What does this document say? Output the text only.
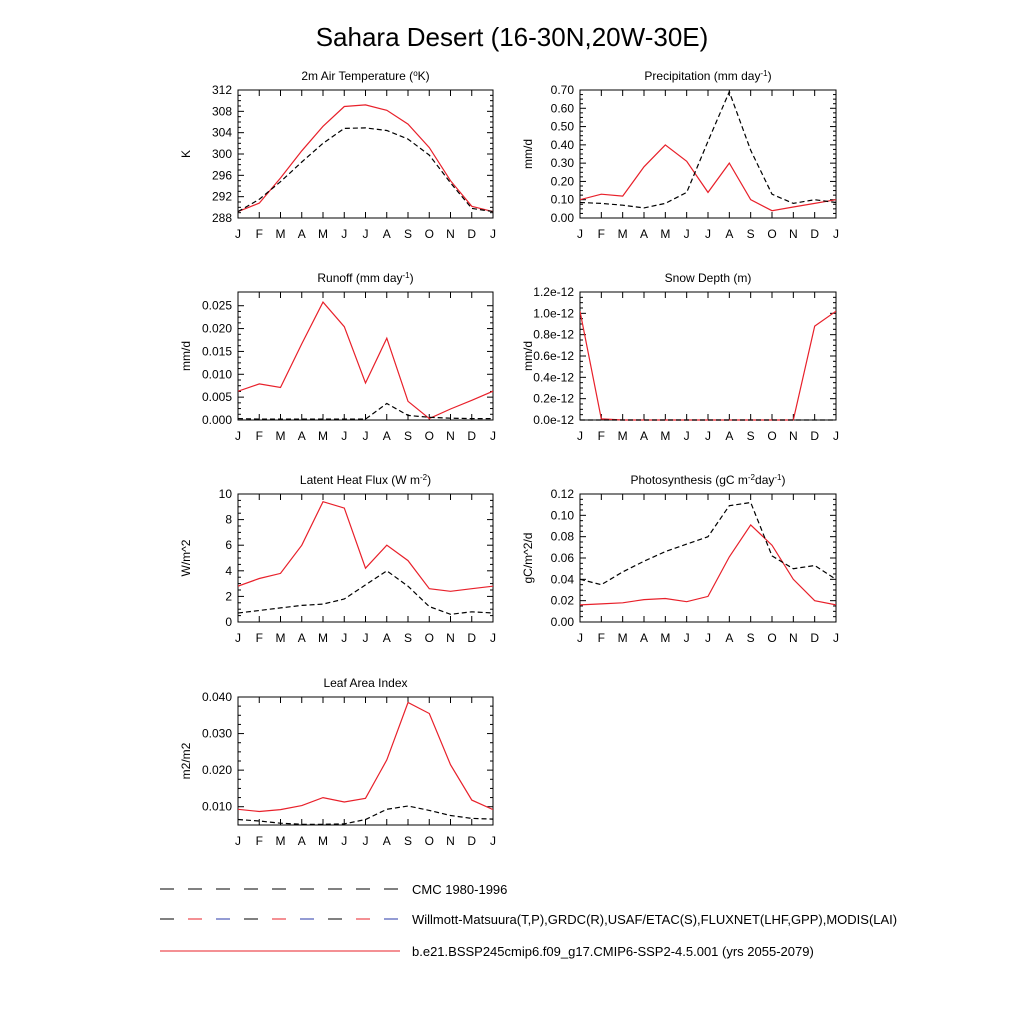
Sahara Desert (16-30N,20W-30E)
2m Air Temperature ($^o$K)
288
292
296
300
304
308
312
J F M A M J J A S O N D J
K
Precipitation (mm day$^{-1}$)
0.00
0.10
0.20
0.30
0.40
0.50
0.60
0.70
J F M A M J J A S O N D J
mm/d
Runoff (mm day$^{-1}$)
0.000
0.005
0.010
0.015
0.020
0.025
J F M A M J J A S O N D J
mm/d
Snow Depth (m)
0.0e-12
0.2e-12
0.4e-12
0.6e-12
0.8e-12
1.0e-12
1.2e-12
J F M A M J J A S O N D J
mm/d
Latent Heat Flux (W $m^{-2}$)
0
2
4
6
8
10
J F M A M J J A S O N D J
W/m^2
Photosynthesis (gC $m^{-2}day^{-1}$)
0.00
0.02
0.04
0.06
0.08
0.10
0.12
J F M A M J J A S O N D J
gC/m^2/d
Leaf Area Index
0.010
0.020
0.030
0.040
J F M A M J J A S O N D J
m2/m2
CMC 1980-1996
Willmott-Matsuura(T,P),GRDC(R),USAF/ETAC(S),FLUXNET(LHF,GPP),MODIS(LAI)
b.e21.BSSP245cmip6.f09_g17.CMIP6-SSP2-4.5.001 (yrs 2055-2079)
